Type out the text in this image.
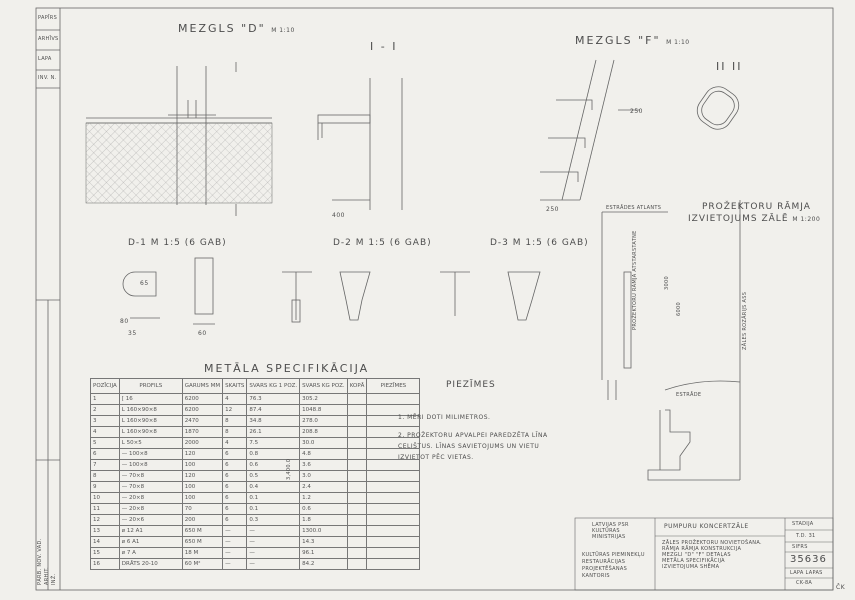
MEZGLS "D" M 1:10
I - I	MEZGLS "F" M 1:10
II II
PROŽEKTORU RĀMJA
IZVIETOJUMS ZĀLĒ M 1:200
D-1 M 1:5 (6 GAB)	D-2 M 1:5 (6 GAB)	D-3 M 1:5 (6 GAB)
400
250
250
80
35	60
65
ESTRĀDES ATLANTS
PROŽEKTORU RĀMJA ATSTARSTATNE	ZĀLES ROZĀRIJS ASS
ESTRĀDE
3000
6000
METĀLA SPECIFIKĀCIJA
POZĪCIJA	PROFILS	GARUMS MM	SKAITS	SVARS KG 1 POZ.	SVARS KG POZ.	KOPĀ	PIEZĪMES
1	[ 16	6200	4	76.3	305.2		
2	L 160×90×8	6200	12	87.4	1048.8		
3	L 160×90×8	2470	8	34.8	278.0		
4	L 160×90×8	1870	8	26.1	208.8		
5	L 50×5	2000	4	7.5	30.0		
6	— 100×8	120	6	0.8	4.8		
7	— 100×8	100	6	0.6	3.6		
8	— 70×8	120	6	0.5	3.0		
9	— 70×8	100	6	0.4	2.4		
10	— 20×8	100	6	0.1	1.2		
11	— 20×8	70	6	0.1	0.6		
12	— 20×6	200	6	0.3	1.8		
13	ø 12 A1	650 M	—	—	1300.0		
14	ø 6 A1	650 M	—	—	14.3		
15	ø 7 A	18 M	—	—	96.1		
16	DRĀTS 20-10	60 M²	—	—	84.2		
3,400.0
PIEZĪMES
1. MĒRI DOTI MILIMETROS.
2. PROŽEKTORU APVALPEI PAREDZĒTA LĪNA CELIŠTUS. LĪNAS SAVIETOJUMS UN VIETU IZVIETOT PĒC VIETAS.
LATVIJAS PSR KULTŪRAS MINISTRIJAS
KULTŪRAS PIEMINEKĻU RESTAURĀCIJAS PROJEKTĒŠANAS KANTORIS
PUMPURU KONCERTZĀLE
ZĀLES PROŽEKTORU NOVIETOŠANA.
RĀMJA RĀMJA KONSTRUKCIJA
MEZGLI "D" "F" DETAĻAS
METĀLA SPECIFIKĀCIJA
IZVIETOJUMA SHĒMA
STADIJA
T.D. 31
SIFRS
35636
LAPA LAPAS
CK-8A
PAPĪRS
ARHĪVS
LAPA
INV. N.
PĀRB. NOV. VAD. ARHIT. INŽ.
ČK
